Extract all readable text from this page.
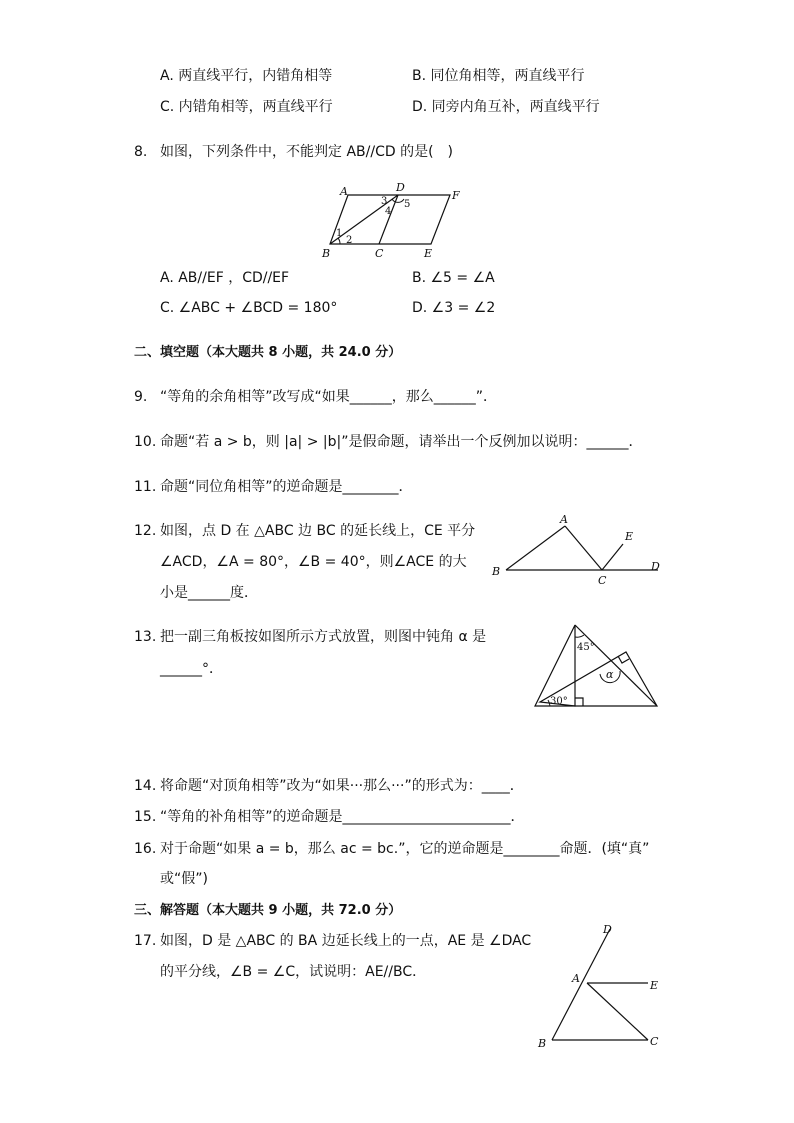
A. 两直线平行，内错角相等	B. 同位角相等，两直线平行
C. 内错角相等，两直线平行	D. 同旁内角互补，两直线平行
8. 如图，下列条件中，不能判定 AB//CD 的是(　)
A	D
F
B	C	E
1
2
3
4
5
A. AB//EF ，CD//EF	B. ∠5 = ∠A
C. ∠ABC + ∠BCD = 180°	D. ∠3 = ∠2
二、填空题（本大题共 8 小题，共 24.0 分）
9. “等角的余角相等”改写成“如果______，那么______”．
10. 命题“若 a > b，则 |a| > |b|”是假命题，请举出一个反例加以说明：______．
11. 命题“同位角相等”的逆命题是________．
12. 如图，点 D 在 △ABC 边 BC 的延长线上，CE 平分
∠ACD，∠A = 80°，∠B = 40°，则∠ACE 的大
小是______度．
A
B
C
D
E
13. 把一副三角板按如图所示方式放置，则图中钝角 α 是
______°．
45°
30°
α
14. 将命题“对顶角相等”改为“如果···那么···”的形式为：____．
15. “等角的补角相等”的逆命题是________________________．
16. 对于命题“如果 a = b，那么 ac = bc.”，它的逆命题是________命题．(填“真”
或“假”)
三、解答题（本大题共 9 小题，共 72.0 分）
17. 如图，D 是 △ABC 的 BA 边延长线上的一点，AE 是 ∠DAC
的平分线，∠B = ∠C，试说明：AE//BC．
D
A
E
B	C
